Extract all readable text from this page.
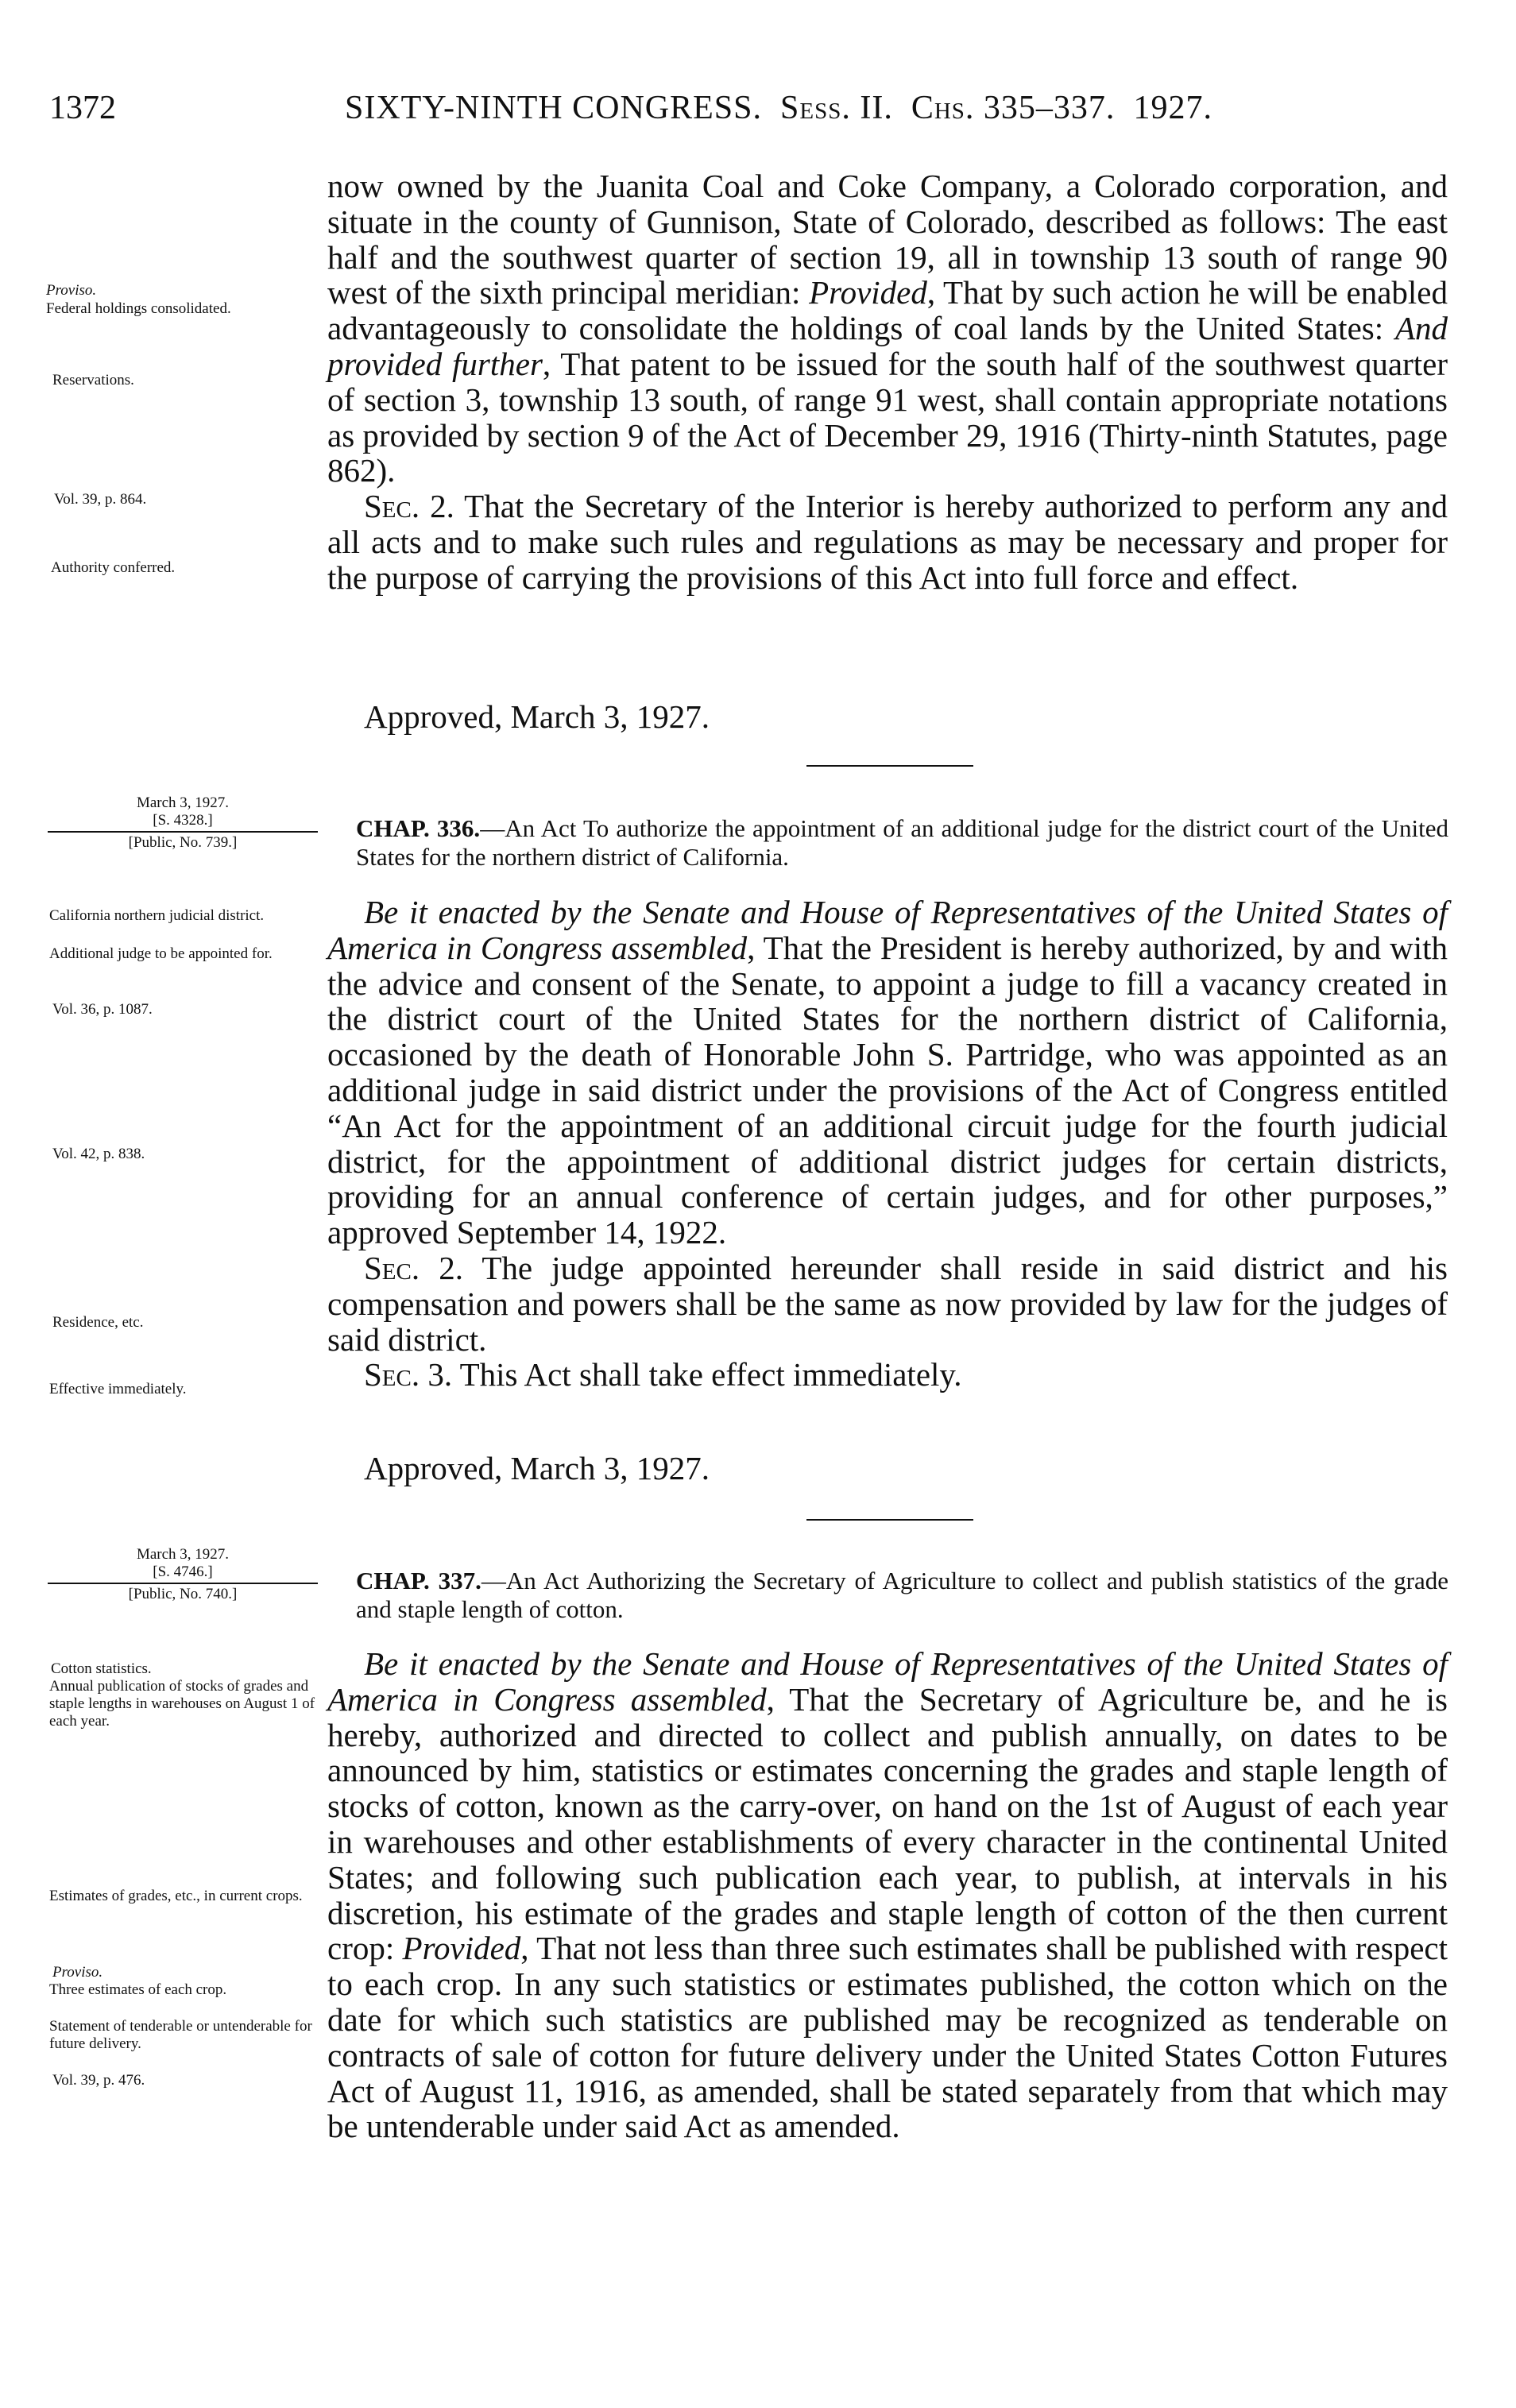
1372	SIXTY-NINTH CONGRESS. Sess. II. Chs. 335–337. 1927.
Proviso.
Federal holdings consolidated.
Reservations.
Vol. 39, p. 864.
Authority conferred.

now owned by the Juanita Coal and Coke Company, a Colorado corporation, and situate in the county of Gunnison, State of Colorado, described as follows: The east half and the southwest quarter of section 19, all in township 13 south of range 90 west of the sixth principal meridian: Provided, That by such action he will be enabled advantageously to consolidate the holdings of coal lands by the United States: And provided further, That patent to be issued for the south half of the southwest quarter of section 3, township 13 south, of range 91 west, shall contain appropriate notations as provided by section 9 of the Act of December 29, 1916 (Thirty-ninth Statutes, page 862).

Sec. 2. That the Secretary of the Interior is hereby authorized to perform any and all acts and to make such rules and regulations as may be necessary and proper for the purpose of carrying the provisions of this Act into full force and effect.

Approved, March 3, 1927.
March 3, 1927.
[S. 4328.]
[Public, No. 739.]
CHAP. 336.—An Act To authorize the appointment of an additional judge for the district court of the United States for the northern district of California.
California northern judicial district.
Additional judge to be appointed for.
Vol. 36, p. 1087.
Vol. 42, p. 838.
Residence, etc.
Effective immediately.

Be it enacted by the Senate and House of Representatives of the United States of America in Congress assembled, That the President is hereby authorized, by and with the advice and consent of the Senate, to appoint a judge to fill a vacancy created in the district court of the United States for the northern district of California, occasioned by the death of Honorable John S. Partridge, who was appointed as an additional judge in said district under the provisions of the Act of Congress entitled “An Act for the appointment of an additional circuit judge for the fourth judicial district, for the appointment of additional district judges for certain districts, providing for an annual conference of certain judges, and for other purposes,” approved September 14, 1922.

Sec. 2. The judge appointed hereunder shall reside in said district and his compensation and powers shall be the same as now provided by law for the judges of said district.

Sec. 3. This Act shall take effect immediately.

Approved, March 3, 1927.
March 3, 1927.
[S. 4746.]
[Public, No. 740.]	CHAP. 337.—An Act Authorizing the Secretary of Agriculture to collect and publish statistics of the grade and staple length of cotton.
Cotton statistics.
Annual publication of stocks of grades and staple lengths in warehouses on August 1 of each year.
Estimates of grades, etc., in current crops.
Proviso.
Three estimates of each crop.
Statement of tenderable or untenderable for future delivery.
Vol. 39, p. 476.

Be it enacted by the Senate and House of Representatives of the United States of America in Congress assembled, That the Secretary of Agriculture be, and he is hereby, authorized and directed to collect and publish annually, on dates to be announced by him, statistics or estimates concerning the grades and staple length of stocks of cotton, known as the carry-over, on hand on the 1st of August of each year in warehouses and other establishments of every character in the continental United States; and following such publication each year, to publish, at intervals in his discretion, his estimate of the grades and staple length of cotton of the then current crop: Provided, That not less than three such estimates shall be published with respect to each crop. In any such statistics or estimates published, the cotton which on the date for which such statistics are published may be recognized as tenderable on contracts of sale of cotton for future delivery under the United States Cotton Futures Act of August 11, 1916, as amended, shall be stated separately from that which may be untenderable under said Act as amended.
